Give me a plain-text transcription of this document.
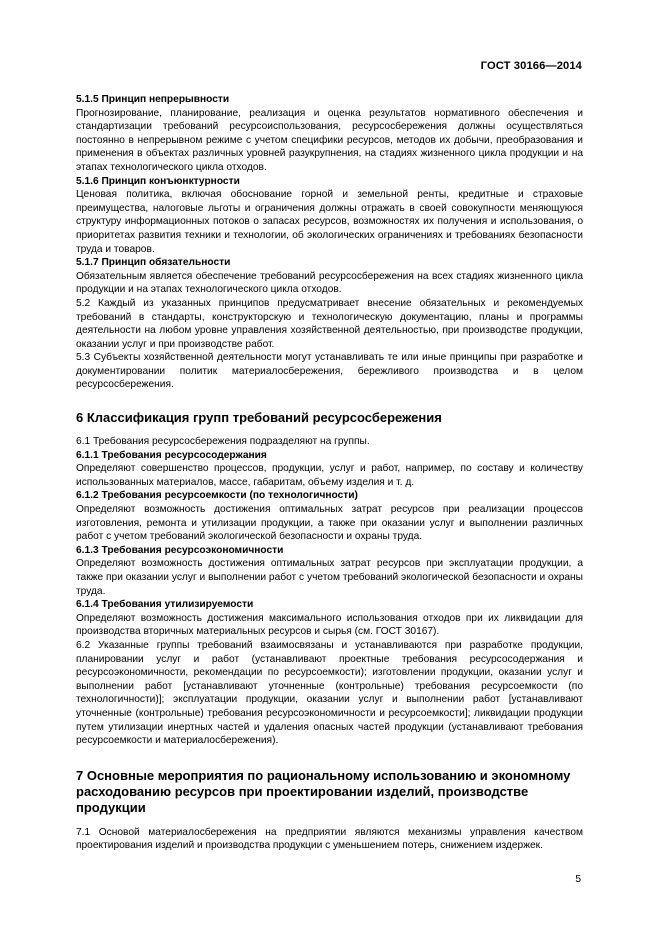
ГОСТ 30166—2014

5.1.5 Принцип непрерывности

Прогнозирование, планирование, реализация и оценка результатов нормативного обеспечения и стандартизации требований ресурсоиспользования, ресурсосбережения должны осуществляться постоянно в непрерывном режиме с учетом специфики ресурсов, методов их добычи, преобразования и применения в объектах различных уровней разукрупнения, на стадиях жизненного цикла продукции и на этапах технологического цикла отходов.

5.1.6 Принцип конъюнктурности

Ценовая политика, включая обоснование горной и земельной ренты, кредитные и страховые преимущества, налоговые льготы и ограничения должны отражать в своей совокупности меняющуюся структуру информационных потоков о запасах ресурсов, возможностях их получения и использования, о приоритетах развития техники и технологии, об экологических ограничениях и требованиях безопасности труда и товаров.

5.1.7 Принцип обязательности

Обязательным является обеспечение требований ресурсосбережения на всех стадиях жизненного цикла продукции и на этапах технологического цикла отходов.

5.2 Каждый из указанных принципов предусматривает внесение обязательных и рекомендуемых требований в стандарты, конструкторскую и технологическую документацию, планы и программы деятельности на любом уровне управления хозяйственной деятельностью, при производстве продукции, оказании услуг и при производстве работ.

5.3 Субъекты хозяйственной деятельности могут устанавливать те или иные принципы при разработке и документировании политик материалосбережения, бережливого производства и в целом ресурсосбережения.

6 Классификация групп требований ресурсосбережения

6.1 Требования ресурсосбережения подразделяют на группы.

6.1.1 Требования ресурсосодержания

Определяют совершенство процессов, продукции, услуг и работ, например, по составу и количеству использованных материалов, массе, габаритам, объему изделия и т. д.

6.1.2 Требования ресурсоемкости (по технологичности)

Определяют возможность достижения оптимальных затрат ресурсов при реализации процессов изготовления, ремонта и утилизации продукции, а также при оказании услуг и выполнении различных работ с учетом требований экологической безопасности и охраны труда.

6.1.3 Требования ресурсоэкономичности

Определяют возможность достижения оптимальных затрат ресурсов при эксплуатации продукции, а также при оказании услуг и выполнении работ с учетом требований экологической безопасности и охраны труда.

6.1.4 Требования утилизируемости

Определяют возможность достижения максимального использования отходов при их ликвидации для производства вторичных материальных ресурсов и сырья (см. ГОСТ 30167).

6.2 Указанные группы требований взаимосвязаны и устанавливаются при разработке продукции, планировании услуг и работ (устанавливают проектные требования ресурсосодержания и ресурсоэкономичности, рекомендации по ресурсоемкости); изготовлении продукции, оказании услуг и выполнении работ [устанавливают уточненные (контрольные) требования ресурсоемкости (по технологичности)]; эксплуатации продукции, оказании услуг и выполнении работ [устанавливают уточненные (контрольные) требования ресурсоэкономичности и ресурсоемкости]; ликвидации продукции путем утилизации инертных частей и удаления опасных частей продукции (устанавливают требования ресурсоемкости и материалосбережения).

7 Основные мероприятия по рациональному использованию и экономному расходованию ресурсов при проектировании изделий, производстве продукции

7.1 Основой материалосбережения на предприятии являются механизмы управления качеством проектирования изделий и производства продукции с уменьшением потерь, снижением издержек.

5
